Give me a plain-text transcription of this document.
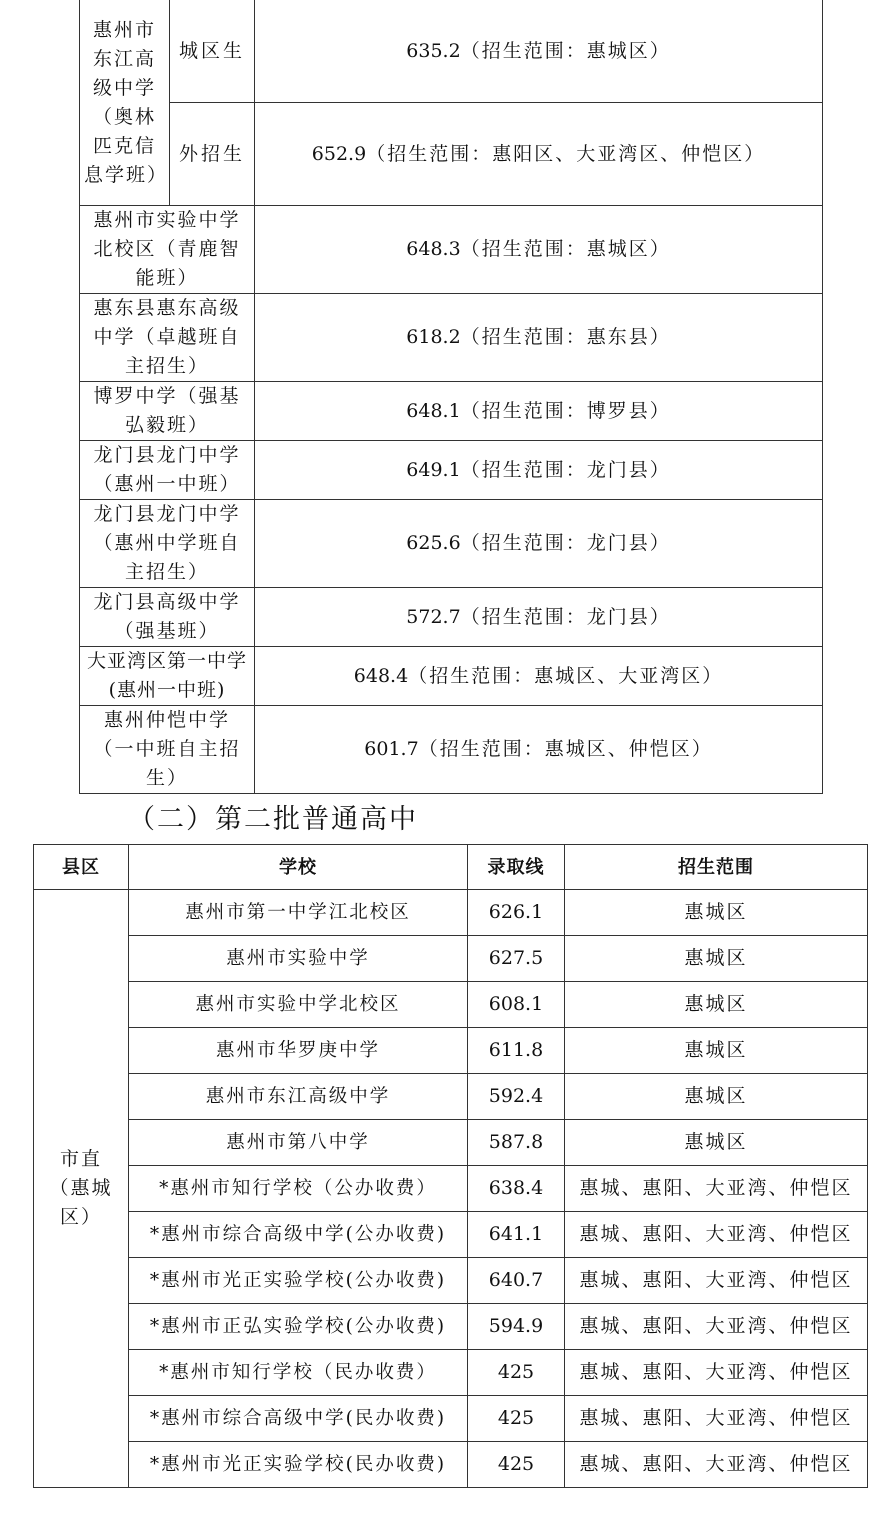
惠州市东江高级中学（奥林匹克信息学班）	城区生	635.2（招生范围：惠城区）
	外招生	652.9（招生范围：惠阳区、大亚湾区、仲恺区）
惠州市实验中学北校区（青鹿智能班）		648.3（招生范围：惠城区）
惠东县惠东高级中学（卓越班自主招生）		618.2（招生范围：惠东县）
博罗中学（强基弘毅班）		648.1（招生范围：博罗县）
龙门县龙门中学（惠州一中班）		649.1（招生范围：龙门县）
龙门县龙门中学（惠州中学班自主招生）		625.6（招生范围：龙门县）
龙门县高级中学（强基班）		572.7（招生范围：龙门县）
大亚湾区第一中学(惠州一中班)		648.4（招生范围：惠城区、大亚湾区）
惠州仲恺中学（一中班自主招生）		601.7（招生范围：惠城区、仲恺区）
（二）第二批普通高中
县区	学校	录取线	招生范围
市直（惠城区）	惠州市第一中学江北校区	626.1	惠城区
	惠州市实验中学	627.5	惠城区
	惠州市实验中学北校区	608.1	惠城区
	惠州市华罗庚中学	611.8	惠城区
	惠州市东江高级中学	592.4	惠城区
	惠州市第八中学	587.8	惠城区
	*惠州市知行学校（公办收费）	638.4	惠城、惠阳、大亚湾、仲恺区
	*惠州市综合高级中学(公办收费)	641.1	惠城、惠阳、大亚湾、仲恺区
	*惠州市光正实验学校(公办收费)	640.7	惠城、惠阳、大亚湾、仲恺区
	*惠州市正弘实验学校(公办收费)	594.9	惠城、惠阳、大亚湾、仲恺区
	*惠州市知行学校（民办收费）	425	惠城、惠阳、大亚湾、仲恺区
	*惠州市综合高级中学(民办收费)	425	惠城、惠阳、大亚湾、仲恺区
	*惠州市光正实验学校(民办收费)	425	惠城、惠阳、大亚湾、仲恺区
